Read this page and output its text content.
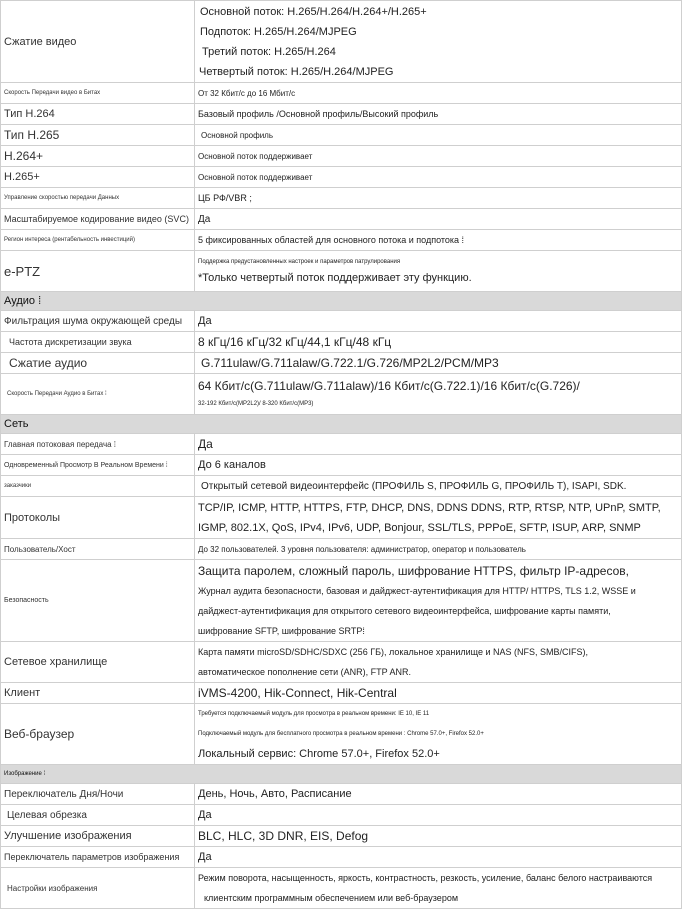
Сжатие видео	Основной поток: H.265/H.264/H.264+/H.265+
Подпоток: H.265/H.264/MJPEG
Третий поток: H.265/H.264
Четвертый поток: H.265/H.264/MJPEG

Скорость Передачи видео в Битах	От 32 Кбит/с до 16 Мбит/с
Тип H.264	Базовый профиль /Основной профиль/Высокий профиль
Тип H.265	Основной профиль
H.264+	Основной поток поддерживает
H.265+	Основной поток поддерживает
Управление скоростью передачи Данных	ЦБ РФ/VBR ;
Масштабируемое кодирование видео (SVC)	Да
Регион интереса (рентабельность инвестиций)	5 фиксированных областей для основного потока и подпотока ⁞
e-PTZ	Поддержка предустановленных настроек и параметров патрулирования
*Только четвертый поток поддерживает эту функцию.

Аудио ⁞	
Фильтрация шума окружающей среды	Да
Частота дискретизации звука	8 кГц/16 кГц/32 кГц/44,1 кГц/48 кГц
Сжатие аудио	G.711ulaw/G.711alaw/G.722.1/G.726/MP2L2/PCM/MP3
Скорость Передачи Аудио в Битах ⁞	64 Кбит/с(G.711ulaw/G.711alaw)/16 Кбит/с(G.722.1)/16 Кбит/с(G.726)/
32-192 Кбит/с(MP2L2)/ 8-320 Кбит/с(MP3)

Сеть	
Главная потоковая передача ⁞	Да
Одновременный Просмотр В Реальном Времени ⁞	До 6 каналов
заказчики	Открытый сетевой видеоинтерфейс (ПРОФИЛЬ S, ПРОФИЛЬ G, ПРОФИЛЬ T), ISAPI, SDK.
Протоколы	TCP/IP, ICMP, HTTP, HTTPS, FTP, DHCP, DNS, DDNS DDNS, RTP, RTSP, NTP, UPnP, SMTP,
IGMP, 802.1X, QoS, IPv4, IPv6, UDP, Bonjour, SSL/TLS, PPPoE, SFTP, ISUP, ARP, SNMP

Пользователь/Хост	До 32 пользователей. 3 уровня пользователя: администратор, оператор и пользователь
Безопасность	Защита паролем, сложный пароль, шифрование HTTPS, фильтр IP-адресов,
Журнал аудита безопасности, базовая и дайджест-аутентификация для HTTP/ HTTPS, TLS 1.2, WSSE и
дайджест-аутентификация для открытого сетевого видеоинтерфейса, шифрование карты памяти,
шифрование SFTP, шифрование SRTP⁞

Сетевое хранилище	Карта памяти microSD/SDHC/SDXC (256 ГБ), локальное хранилище и NAS (NFS, SMB/CIFS),
автоматическое пополнение сети (ANR), FTP ANR.

Клиент	iVMS-4200, Hik-Connect, Hik-Central
Веб-браузер	Требуется подключаемый модуль для просмотра в реальном времени: IE 10, IE 11
Подключаемый модуль для бесплатного просмотра в реальном времени : Chrome 57.0+, Firefox 52.0+
Локальный сервис: Chrome 57.0+, Firefox 52.0+

Изображение ⁞	
Переключатель Дня/Ночи	День, Ночь, Авто, Расписание
Целевая обрезка	Да
Улучшение изображения	BLC, HLC, 3D DNR, EIS, Defog
Переключатель параметров изображения	Да
Настройки изображения	Режим поворота, насыщенность, яркость, контрастность, резкость, усиление, баланс белого настраиваются
клиентским программным обеспечением или веб-браузером
